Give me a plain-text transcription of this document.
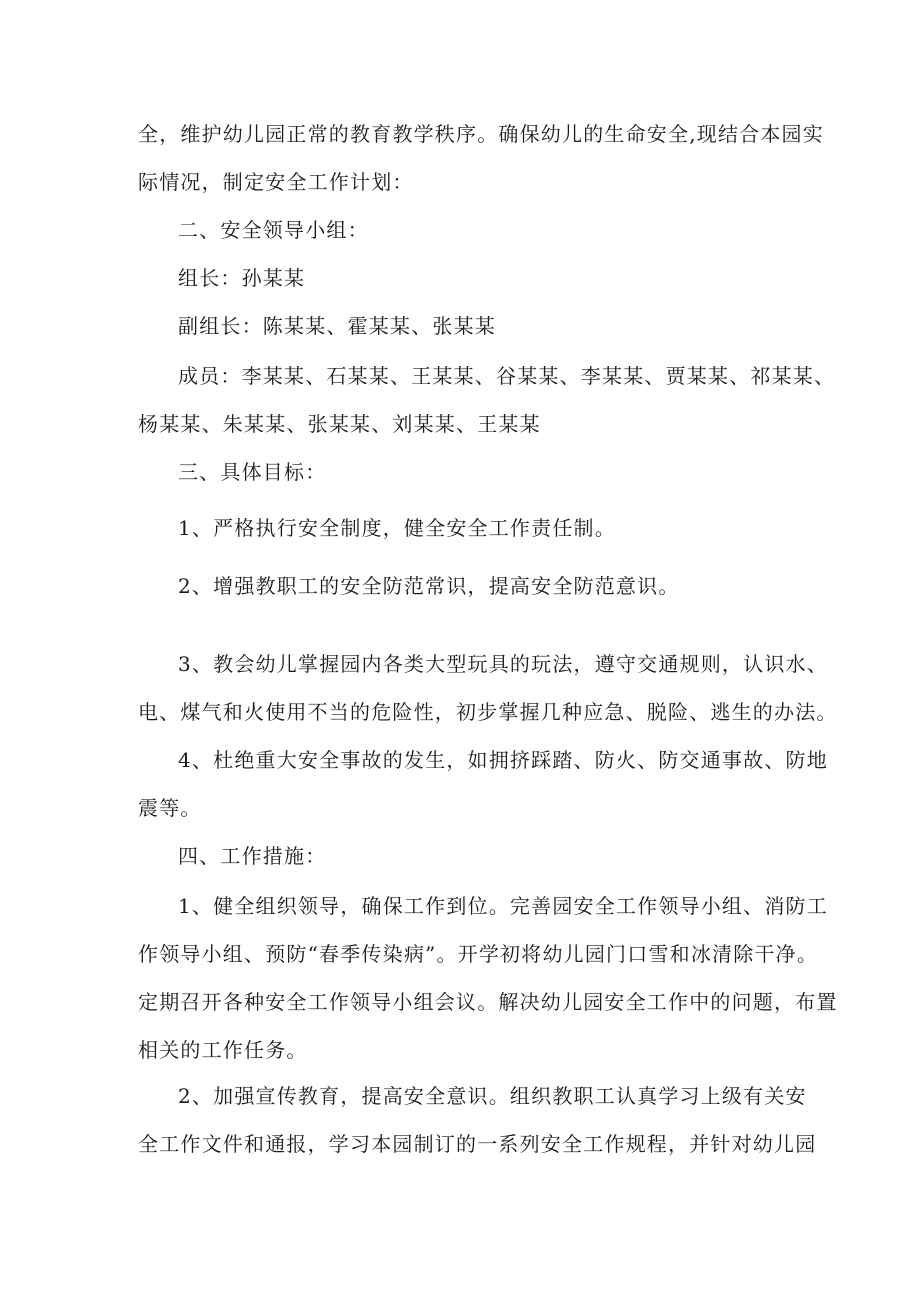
全，维护幼儿园正常的教育教学秩序。确保幼儿的生命安全,现结合本园实
际情况，制定安全工作计划：
二、安全领导小组：
组长：孙某某
副组长：陈某某、霍某某、张某某
成员：李某某、石某某、王某某、谷某某、李某某、贾某某、祁某某、
杨某某、朱某某、张某某、刘某某、王某某
三、具体目标：
1、严格执行安全制度，健全安全工作责任制。
2、增强教职工的安全防范常识，提高安全防范意识。
3、教会幼儿掌握园内各类大型玩具的玩法，遵守交通规则，认识水、
电、煤气和火使用不当的危险性，初步掌握几种应急、脱险、逃生的办法。
4、杜绝重大安全事故的发生，如拥挤踩踏、防火、防交通事故、防地
震等。
四、工作措施：
1、健全组织领导，确保工作到位。完善园安全工作领导小组、消防工
作领导小组、预防“春季传染病”。开学初将幼儿园门口雪和冰清除干净。
定期召开各种安全工作领导小组会议。解决幼儿园安全工作中的问题，布置
相关的工作任务。
2、加强宣传教育，提高安全意识。组织教职工认真学习上级有关安
全工作文件和通报，学习本园制订的一系列安全工作规程，并针对幼儿园
